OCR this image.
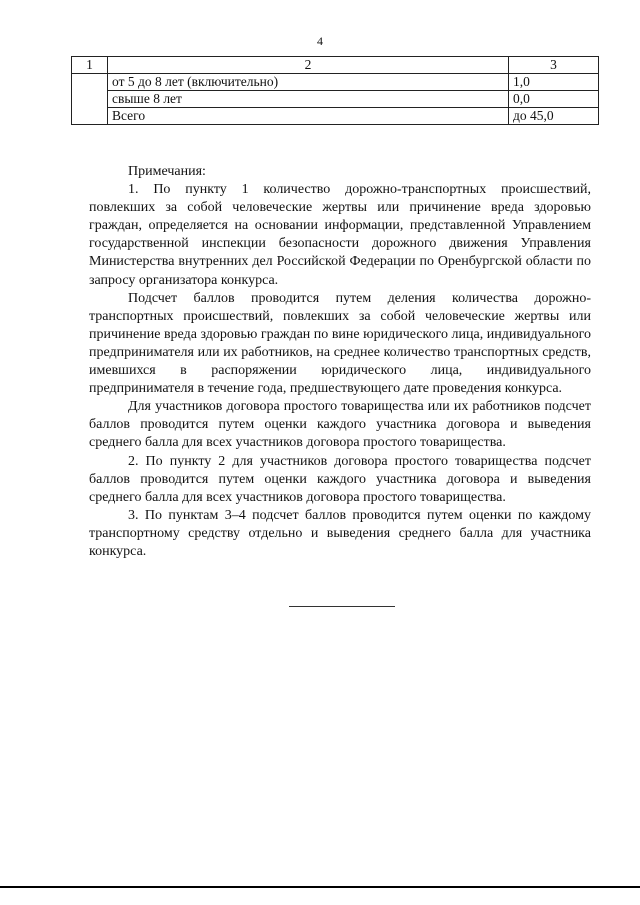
4
1	2	3
	от 5 до 8 лет (включительно)	1,0
	свыше 8 лет	0,0
	Всего	до 45,0

Примечания:

1. По пункту 1 количество дорожно-транспортных происшествий, повлекших за собой человеческие жертвы или причинение вреда здоровью граждан, определяется на основании информации, представленной Управлением государственной инспекции безопасности дорожного движения Управления Министерства внутренних дел Российской Федерации по Оренбургской области по запросу организатора конкурса.

Подсчет баллов проводится путем деления количества дорожно-транспортных происшествий, повлекших за собой человеческие жертвы или причинение вреда здоровью граждан по вине юридического лица, индивидуального предпринимателя или их работников, на среднее количество транспортных средств, имевшихся в распоряжении юридического лица, индивидуального предпринимателя в течение года, предшествующего дате проведения конкурса.

Для участников договора простого товарищества или их работников подсчет баллов проводится путем оценки каждого участника договора и выведения среднего балла для всех участников договора простого товарищества.

2. По пункту 2 для участников договора простого товарищества подсчет баллов проводится путем оценки каждого участника договора и выведения среднего балла для всех участников договора простого товарищества.

3. По пунктам 3–4 подсчет баллов проводится путем оценки по каждому транспортному средству отдельно и выведения среднего балла для участника конкурса.
